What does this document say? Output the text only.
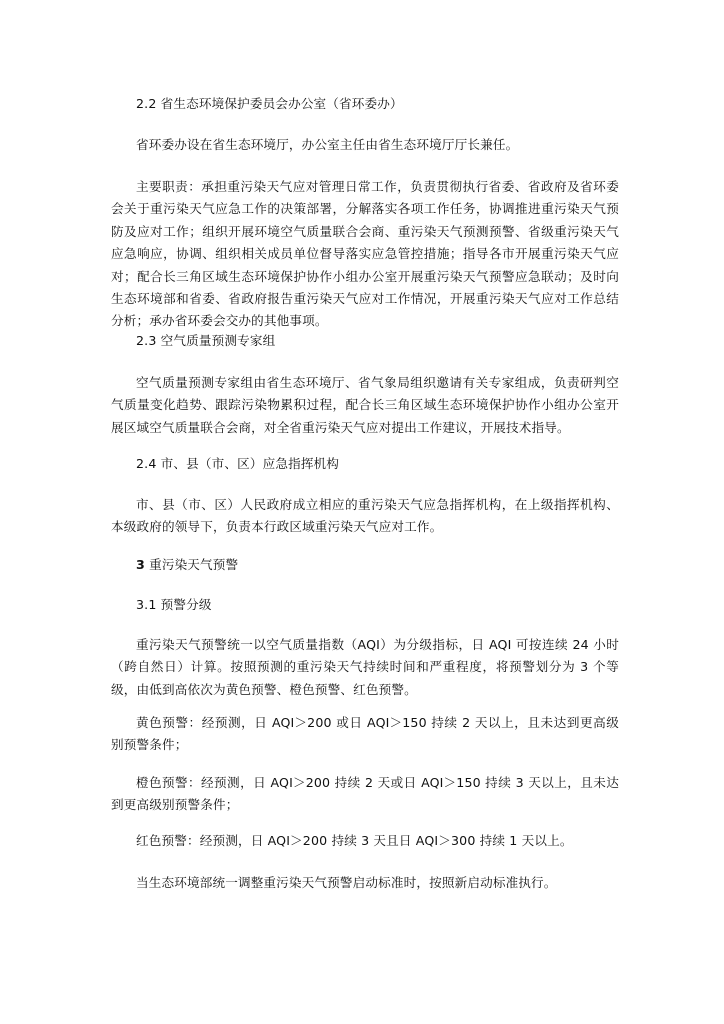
2.2 省生态环境保护委员会办公室（省环委办）

省环委办设在省生态环境厅，办公室主任由省生态环境厅厅长兼任。

主要职责：承担重污染天气应对管理日常工作，负责贯彻执行省委、省政府及省环委会关于重污染天气应急工作的决策部署，分解落实各项工作任务，协调推进重污染天气预防及应对工作；组织开展环境空气质量联合会商、重污染天气预测预警、省级重污染天气应急响应，协调、组织相关成员单位督导落实应急管控措施；指导各市开展重污染天气应对；配合长三角区域生态环境保护协作小组办公室开展重污染天气预警应急联动；及时向生态环境部和省委、省政府报告重污染天气应对工作情况，开展重污染天气应对工作总结分析；承办省环委会交办的其他事项。

2.3 空气质量预测专家组

空气质量预测专家组由省生态环境厅、省气象局组织邀请有关专家组成，负责研判空气质量变化趋势、跟踪污染物累积过程，配合长三角区域生态环境保护协作小组办公室开展区域空气质量联合会商，对全省重污染天气应对提出工作建议，开展技术指导。

2.4 市、县（市、区）应急指挥机构

市、县（市、区）人民政府成立相应的重污染天气应急指挥机构，在上级指挥机构、本级政府的领导下，负责本行政区域重污染天气应对工作。

3 重污染天气预警

3.1 预警分级

重污染天气预警统一以空气质量指数（AQI）为分级指标，日 AQI 可按连续 24 小时（跨自然日）计算。按照预测的重污染天气持续时间和严重程度，将预警划分为 3 个等级，由低到高依次为黄色预警、橙色预警、红色预警。

黄色预警：经预测，日 AQI＞200 或日 AQI＞150 持续 2 天以上，且未达到更高级别预警条件；

橙色预警：经预测，日 AQI＞200 持续 2 天或日 AQI＞150 持续 3 天以上，且未达到更高级别预警条件；

红色预警：经预测，日 AQI＞200 持续 3 天且日 AQI＞300 持续 1 天以上。

当生态环境部统一调整重污染天气预警启动标准时，按照新启动标准执行。
